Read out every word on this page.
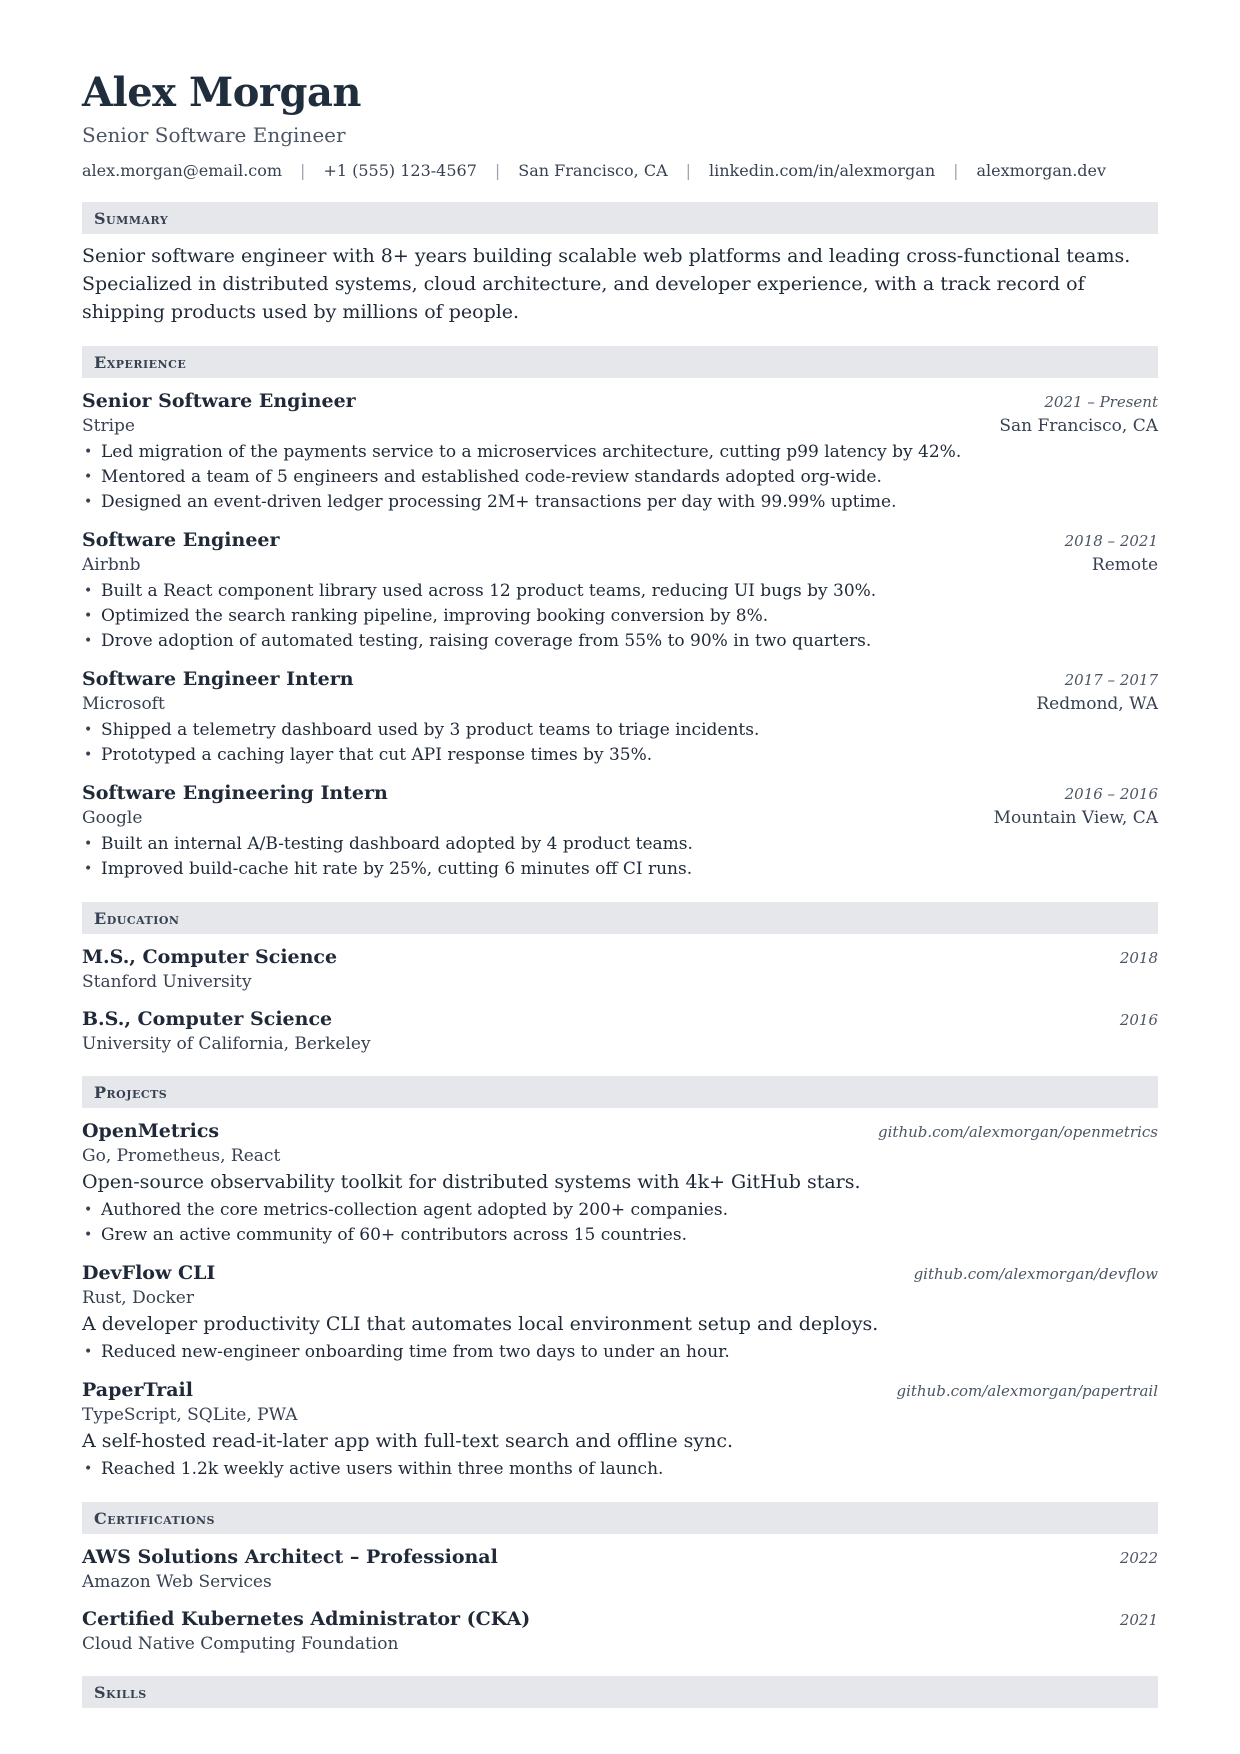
Alex Morgan
Senior Software Engineer
alex.morgan@email.com | +1 (555) 123-4567 | San Francisco, CA | linkedin.com/in/alexmorgan | alexmorgan.dev
Summary
Senior software engineer with 8+ years building scalable web platforms and leading cross-functional teams. Specialized in distributed systems, cloud architecture, and developer experience, with a track record of shipping products used by millions of people.
Experience
Senior Software Engineer	2021 – Present
Stripe	San Francisco, CA
• Led migration of the payments service to a microservices architecture, cutting p99 latency by 42%.
• Mentored a team of 5 engineers and established code-review standards adopted org-wide.
• Designed an event-driven ledger processing 2M+ transactions per day with 99.99% uptime.
Software Engineer	2018 – 2021
Airbnb	Remote
• Built a React component library used across 12 product teams, reducing UI bugs by 30%.
• Optimized the search ranking pipeline, improving booking conversion by 8%.
• Drove adoption of automated testing, raising coverage from 55% to 90% in two quarters.
Software Engineer Intern	2017 – 2017
Microsoft	Redmond, WA
• Shipped a telemetry dashboard used by 3 product teams to triage incidents.
• Prototyped a caching layer that cut API response times by 35%.
Software Engineering Intern	2016 – 2016
Google	Mountain View, CA
• Built an internal A/B-testing dashboard adopted by 4 product teams.
• Improved build-cache hit rate by 25%, cutting 6 minutes off CI runs.
Education
M.S., Computer Science	2018
Stanford University
B.S., Computer Science	2016
University of California, Berkeley
Projects
OpenMetrics	github.com/alexmorgan/openmetrics
Go, Prometheus, React
Open-source observability toolkit for distributed systems with 4k+ GitHub stars.
• Authored the core metrics-collection agent adopted by 200+ companies.
• Grew an active community of 60+ contributors across 15 countries.
DevFlow CLI	github.com/alexmorgan/devflow
Rust, Docker
A developer productivity CLI that automates local environment setup and deploys.
• Reduced new-engineer onboarding time from two days to under an hour.
PaperTrail	github.com/alexmorgan/papertrail
TypeScript, SQLite, PWA
A self-hosted read-it-later app with full-text search and offline sync.
• Reached 1.2k weekly active users within three months of launch.
Certifications
AWS Solutions Architect – Professional	2022
Amazon Web Services
Certified Kubernetes Administrator (CKA)	2021
Cloud Native Computing Foundation
Skills
